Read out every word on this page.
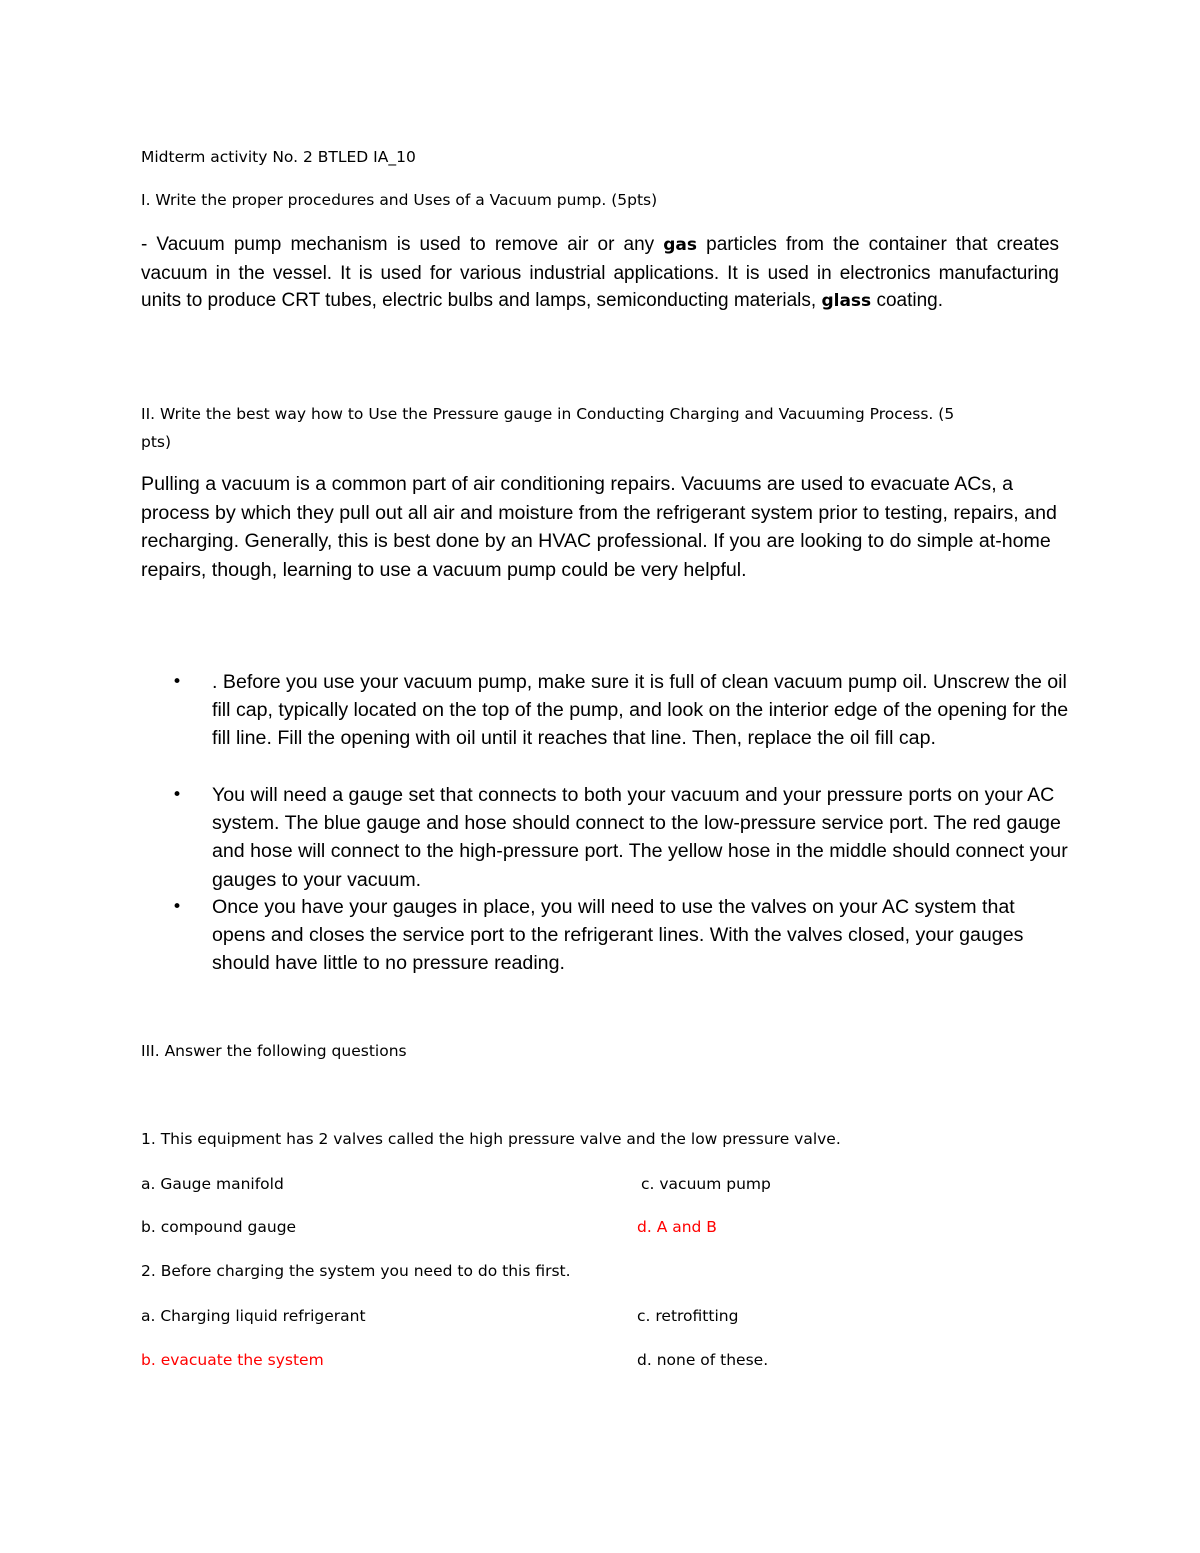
Midterm activity No. 2 BTLED IA_10

I. Write the proper procedures and Uses of a Vacuum pump. (5pts)

- Vacuum pump mechanism is used to remove air or any gas particles from the container that creates vacuum in the vessel. It is used for various industrial applications. It is used in electronics manufacturing units to produce CRT tubes, electric bulbs and lamps, semiconducting materials, glass coating.

II. Write the best way how to Use the Pressure gauge in Conducting Charging and Vacuuming Process. (5

pts)

Pulling a vacuum is a common part of air conditioning repairs. Vacuums are used to evacuate ACs, a process by which they pull out all air and moisture from the refrigerant system prior to testing, repairs, and recharging. Generally, this is best done by an HVAC professional. If you are looking to do simple at-home repairs, though, learning to use a vacuum pump could be very helpful.

• . Before you use your vacuum pump, make sure it is full of clean vacuum pump oil. Unscrew the oil fill cap, typically located on the top of the pump, and look on the interior edge of the opening for the fill line. Fill the opening with oil until it reaches that line. Then, replace the oil fill cap.

• You will need a gauge set that connects to both your vacuum and your pressure ports on your AC system. The blue gauge and hose should connect to the low-pressure service port. The red gauge and hose will connect to the high-pressure port. The yellow hose in the middle should connect your gauges to your vacuum.

• Once you have your gauges in place, you will need to use the valves on your AC system that opens and closes the service port to the refrigerant lines. With the valves closed, your gauges should have little to no pressure reading.

III. Answer the following questions

1. This equipment has 2 valves called the high pressure valve and the low pressure valve.

a. Gauge manifold	c. vacuum pump

b. compound gauge	d. A and B

2. Before charging the system you need to do this first.

a. Charging liquid refrigerant	c. retrofitting

b. evacuate the system	d. none of these.
